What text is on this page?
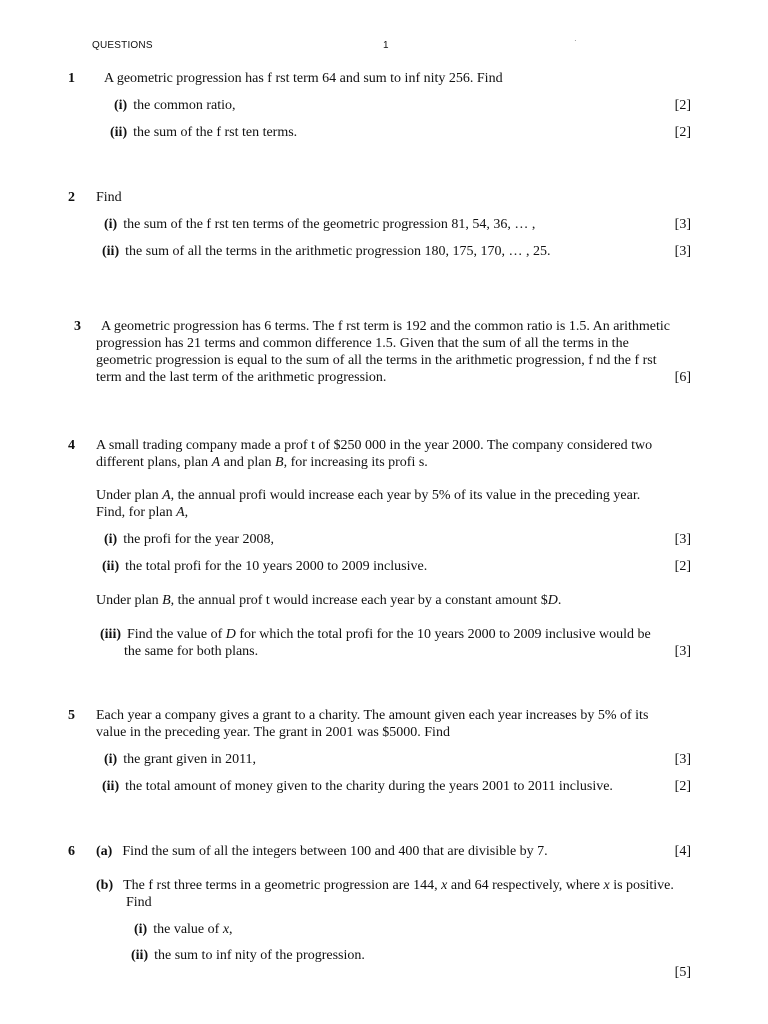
QUESTIONS	1	·
1 A geometric progression has f rst term 64 and sum to inf nity 256. Find
(i) the common ratio,	[2]
(ii) the sum of the f rst ten terms.	[2]
2 Find
(i) the sum of the f rst ten terms of the geometric progression 81, 54, 36, … ,	[3]
(ii) the sum of all the terms in the arithmetic progression 180, 175, 170, … , 25.	[3]
3 A geometric progression has 6 terms. The f rst term is 192 and the common ratio is 1.5. An arithmetic
progression has 21 terms and common difference 1.5. Given that the sum of all the terms in the
geometric progression is equal to the sum of all the terms in the arithmetic progression, f nd the f rst
term and the last term of the arithmetic progression.	[6]
4 A small trading company made a prof t of $250 000 in the year 2000. The company considered two
different plans, plan A and plan B, for increasing its profi s.
Under plan A, the annual profi would increase each year by 5% of its value in the preceding year.
Find, for plan A,
(i) the profi for the year 2008,	[3]
(ii) the total profi for the 10 years 2000 to 2009 inclusive.	[2]
Under plan B, the annual prof t would increase each year by a constant amount $D.
(iii) Find the value of D for which the total profi for the 10 years 2000 to 2009 inclusive would be
the same for both plans.	[3]
5 Each year a company gives a grant to a charity. The amount given each year increases by 5% of its
value in the preceding year. The grant in 2001 was $5000. Find
(i) the grant given in 2011,	[3]
(ii) the total amount of money given to the charity during the years 2001 to 2011 inclusive.	[2]
6 (a) Find the sum of all the integers between 100 and 400 that are divisible by 7.	[4]
(b) The f rst three terms in a geometric progression are 144, x and 64 respectively, where x is positive.
Find
(i) the value of x,
(ii) the sum to inf nity of the progression.
[5]
